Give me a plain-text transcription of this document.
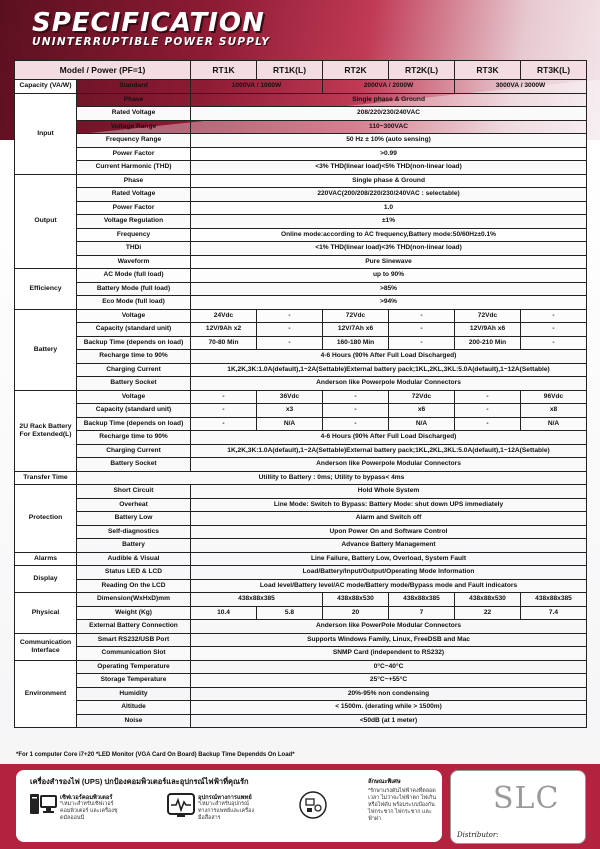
SPECIFICATION
UNINTERRUPTIBLE POWER SUPPLY
Model / Power (PF=1)		RT1K	RT1K(L)	RT2K	RT2K(L)	RT3K	RT3K(L)
Capacity (VA/W)	Standard	1000VA / 1000W		2000VA / 2000W		3000VA / 3000W	
Input	Phase	Single phase & Ground					
	Rated Voltage	208/220/230/240VAC					
	Voltage Range	110~300VAC					
	Frequency Range	50 Hz ± 10% (auto sensing)					
	Power Factor	>0.99					
	Current Harmonic (THD)	<3% THD(linear load)<5% THD(non-linear load)					
Output	Phase	Single phase & Ground					
	Rated Voltage	220VAC(200/208/220/230/240VAC : selectable)					
	Power Factor	1.0					
	Voltage Regulation	±1%					
	Frequency	Online mode:according to AC frequency,Battery mode:50/60Hz±0.1%					
	THDi	<1% THD(linear load)<3% THD(non-linear load)					
	Waveform	Pure Sinewave					
Efficiency	AC Mode (full load)	up to 90%					
	Battery Mode (full load)	>85%					
	Eco Mode (full load)	>94%					
Battery	Voltage	24Vdc	-	72Vdc	-	72Vdc	-
	Capacity (standard unit)	12V/9Ah x2	-	12V/7Ah x6	-	12V/9Ah x6	-
	Backup Time (depends on load)	70-80 Min	-	160-180 Min	-	200-210 Min	-
	Recharge time to 90%	4-6 Hours (90% After Full Load Discharged)					
	Charging Current	1K,2K,3K:1.0A(default),1~2A(Settable)External battery pack;1KL,2KL,3KL:5.0A(default),1~12A(Settable)					
	Battery Socket	Anderson like Powerpole Modular Connectors					
2U Rack Battery For Extended(L)	Voltage	-	36Vdc	-	72Vdc	-	96Vdc
	Capacity (standard unit)	-	x3	-	x6	-	x8
	Backup Time (depends on load)	-	N/A	-	N/A	-	N/A
	Recharge time to 90%	4-6 Hours (90% After Full Load Discharged)					
	Charging Current	1K,2K,3K:1.0A(default),1~2A(Settable)External battery pack;1KL,2KL,3KL:5.0A(default),1~12A(Settable)					
	Battery Socket	Anderson like Powerpole Modular Connectors					
Transfer Time	Utillity to Battery : 0ms; Utility to bypass< 4ms						
Protection	Short Circuit	Hold Whole System					
	Overheat	Line Mode: Switch to Bypass: Battery Mode: shut down UPS immediately					
	Battery Low	Alarm and Switch off					
	Self-diagnostics	Upon Power On and Software Control					
	Battery	Advance Battery Management					
Alarms	Audible & Visual	Line Failure, Battery Low, Overload, System Fault					
Display	Status LED & LCD	Load/Battery/Input/Output/Operating Mode Information					
	Reading On the LCD	Load level/Battery level/AC mode/Battery mode/Bypass mode and Fault indicators					
Physical	Dimension(WxHxD)mm	438x88x385		438x88x530	438x88x385	438x88x530	438x88x385
	Weight (Kg)	10.4	5.8	20	7	22	7.4
	External Battery Connection	Anderson like PowerPole Modular Connectors					
Communication Interface	Smart RS232/USB Port	Supports Windows Family, Linux, FreeDSB and Mac					
	Communication Slot	SNMP Card (independent to RS232)					
Environment	Operating Temperature	0°C~40°C					
	Storage Temperature	25°C~+55°C					
	Humidity	20%-95% non condensing					
	Altitude	< 1500m. (derating while > 1500m)					
	Noise	<50dB (at 1 meter)					
*For 1 computer Core i7+20 *LED Monitor (VGA Card On Board) Backup Time Dependds On Load*
เครื่องสำรองไฟ (UPS) ปกป้องคอมพิวเตอร์และอุปกรณ์ไฟฟ้าที่คุณรัก
เซิฟเวอร์คอมพิวเตอร์
*เหมาะสำหรับเซิฟเวอร์ คอมพิวเตอร์ และเครื่องชุดมัลออนนี
อุปกรณ์ทางการแพทย์
*เหมาะสำหรับอุปกรณ์ทางการแพทย์และเครื่องมือสื่อสาร
ลักษณะพิเศษ
*รักษาแรงดันไฟฟ้าคงที่ตลอดเวลา ไม่ว่าจะไฟฟ้าตก ไฟเกิน หรือไฟดับ พร้อมระบบป้องกันไฟกระชาก ไฟกระชาก และฟ้าผ่า
SLC
Distributor:
